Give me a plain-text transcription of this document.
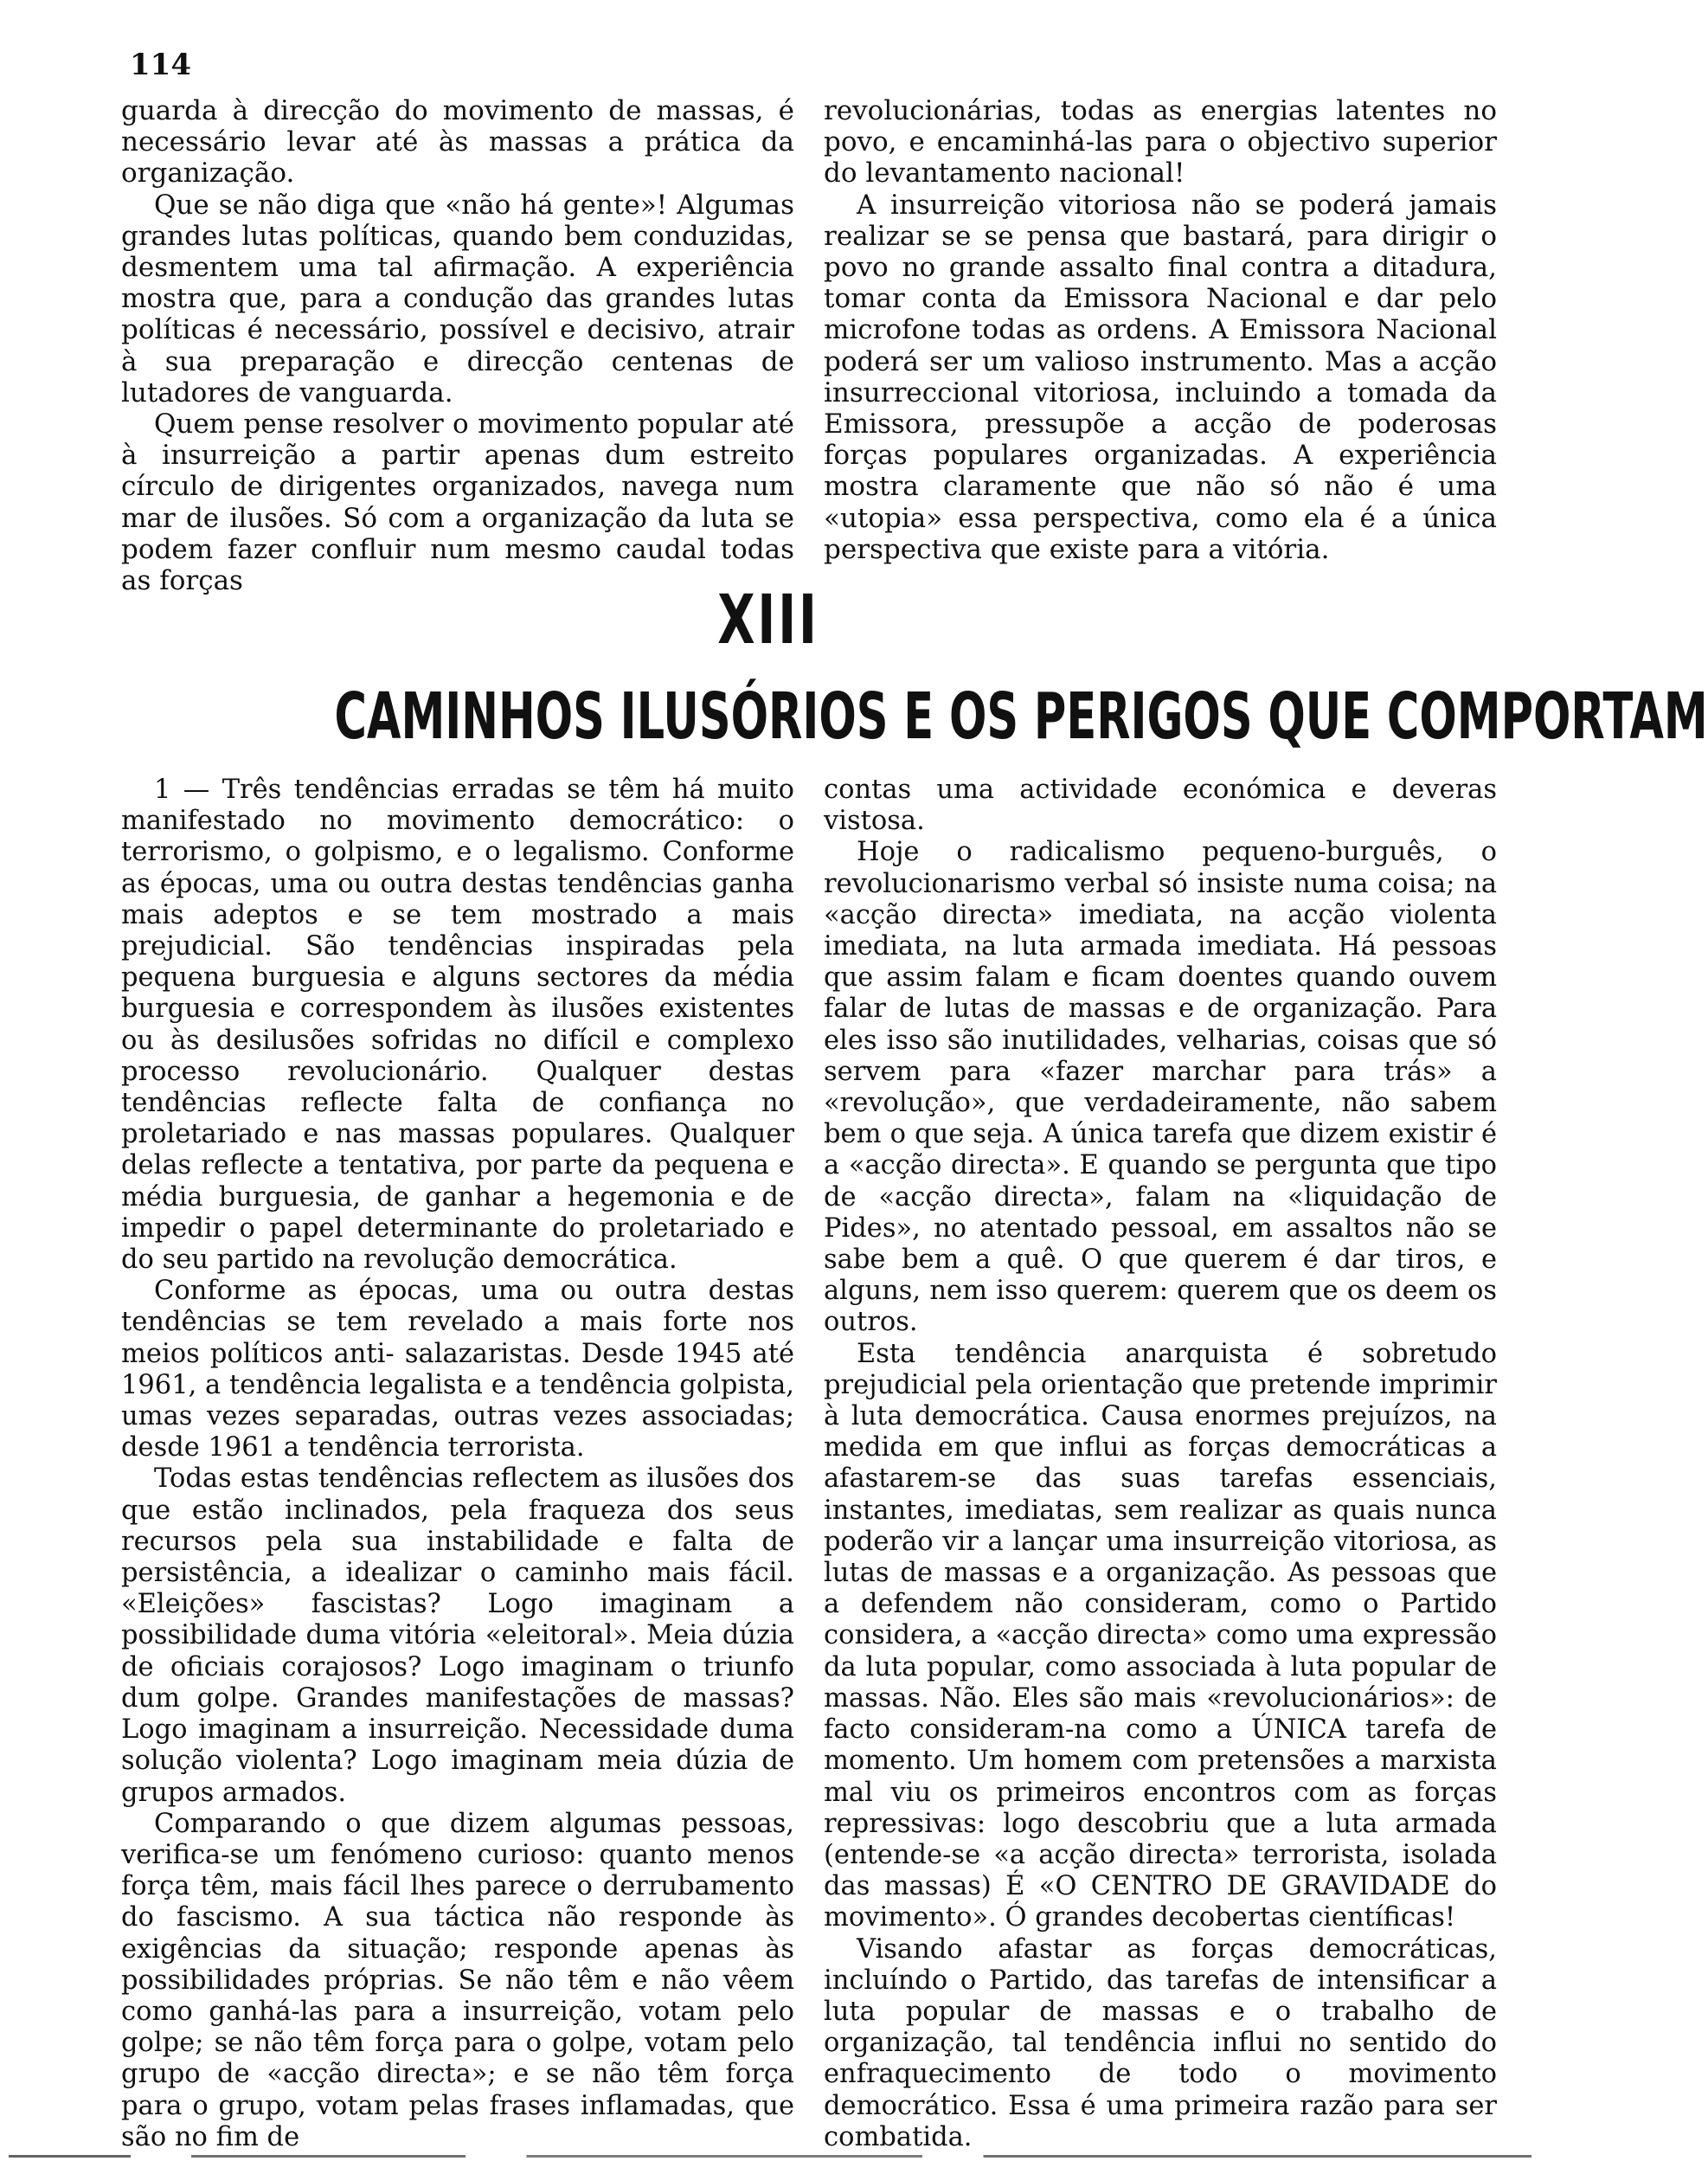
114

guarda à direcção do movimento de massas, é necessário levar até às massas a prática da organização.

Que se não diga que «não há gente»! Algumas grandes lutas políticas, quando bem conduzidas, desmentem uma tal afirmação. A experiência mostra que, para a condução das grandes lutas políticas é necessário, possível e decisivo, atrair à sua preparação e direcção centenas de lutadores de vanguarda.

Quem pense resolver o movimento popular até à insurreição a partir apenas dum estreito círculo de dirigentes organizados, navega num mar de ilusões. Só com a organização da luta se podem fazer confluir num mesmo caudal todas as forças

revolucionárias, todas as energias latentes no povo, e encaminhá-las para o objectivo superior do levantamento nacional!

A insurreição vitoriosa não se poderá jamais realizar se se pensa que bastará, para dirigir o povo no grande assalto final contra a ditadura, tomar conta da Emissora Nacional e dar pelo microfone todas as ordens. A Emissora Nacional poderá ser um valioso instrumento. Mas a acção insurreccional vitoriosa, incluindo a tomada da Emissora, pressupõe a acção de poderosas forças populares organizadas. A experiência mostra claramente que não só não é uma «utopia» essa perspectiva, como ela é a única perspectiva que existe para a vitória.

XIII
CAMINHOS ILUSÓRIOS E OS PERIGOS QUE COMPORTAM

1 — Três tendências erradas se têm há muito manifestado no movimento democrático: o terrorismo, o golpismo, e o legalismo. Conforme as épocas, uma ou outra destas tendências ganha mais adeptos e se tem mostrado a mais prejudicial. São tendências inspiradas pela pequena burguesia e alguns sectores da média burguesia e correspondem às ilusões existentes ou às desilusões sofridas no difícil e complexo processo revolucionário. Qualquer destas tendências reflecte falta de confiança no proletariado e nas massas populares. Qualquer delas reflecte a tentativa, por parte da pequena e média burguesia, de ganhar a hegemonia e de impedir o papel determinante do proletariado e do seu partido na revolução democrática.

Conforme as épocas, uma ou outra destas tendências se tem revelado a mais forte nos meios políticos anti- salazaristas. Desde 1945 até 1961, a tendência legalista e a tendência golpista, umas vezes separadas, outras vezes associadas; desde 1961 a tendência terrorista.

Todas estas tendências reflectem as ilusões dos que estão inclinados, pela fraqueza dos seus recursos pela sua instabilidade e falta de persistência, a idealizar o caminho mais fácil. «Eleições» fascistas? Logo imaginam a possibilidade duma vitória «eleitoral». Meia dúzia de oficiais corajosos? Logo imaginam o triunfo dum golpe. Grandes manifestações de massas? Logo imaginam a insurreição. Necessidade duma solução violenta? Logo imaginam meia dúzia de grupos armados.

Comparando o que dizem algumas pessoas, verifica-se um fenómeno curioso: quanto menos força têm, mais fácil lhes parece o derrubamento do fascismo. A sua táctica não responde às exigências da situação; responde apenas às possibilidades próprias. Se não têm e não vêem como ganhá-las para a insurreição, votam pelo golpe; se não têm força para o golpe, votam pelo grupo de «acção directa»; e se não têm força para o grupo, votam pelas frases inflamadas, que são no fim de

contas uma actividade económica e deveras vistosa.

Hoje o radicalismo pequeno-burguês, o revolucionarismo verbal só insiste numa coisa; na «acção directa» imediata, na acção violenta imediata, na luta armada imediata. Há pessoas que assim falam e ficam doentes quando ouvem falar de lutas de massas e de organização. Para eles isso são inutilidades, velharias, coisas que só servem para «fazer marchar para trás» a «revolução», que verdadeiramente, não sabem bem o que seja. A única tarefa que dizem existir é a «acção directa». E quando se pergunta que tipo de «acção directa», falam na «liquidação de Pides», no atentado pessoal, em assaltos não se sabe bem a quê. O que querem é dar tiros, e alguns, nem isso querem: querem que os deem os outros.

Esta tendência anarquista é sobretudo prejudicial pela orientação que pretende imprimir à luta democrática. Causa enormes prejuízos, na medida em que influi as forças democráticas a afastarem-se das suas tarefas essenciais, instantes, imediatas, sem realizar as quais nunca poderão vir a lançar uma insurreição vitoriosa, as lutas de massas e a organização. As pessoas que a defendem não consideram, como o Partido considera, a «acção directa» como uma expressão da luta popular, como associada à luta popular de massas. Não. Eles são mais «revolucionários»: de facto consideram-na como a ÚNICA tarefa de momento. Um homem com pretensões a marxista mal viu os primeiros encontros com as forças repressivas: logo descobriu que a luta armada (entende-se «a acção directa» terrorista, isolada das massas) É «O CENTRO DE GRAVIDADE do movimento». Ó grandes decobertas científicas!

Visando afastar as forças democráticas, incluíndo o Partido, das tarefas de intensificar a luta popular de massas e o trabalho de organização, tal tendência influi no sentido do enfraquecimento de todo o movimento democrático. Essa é uma primeira razão para ser combatida.
